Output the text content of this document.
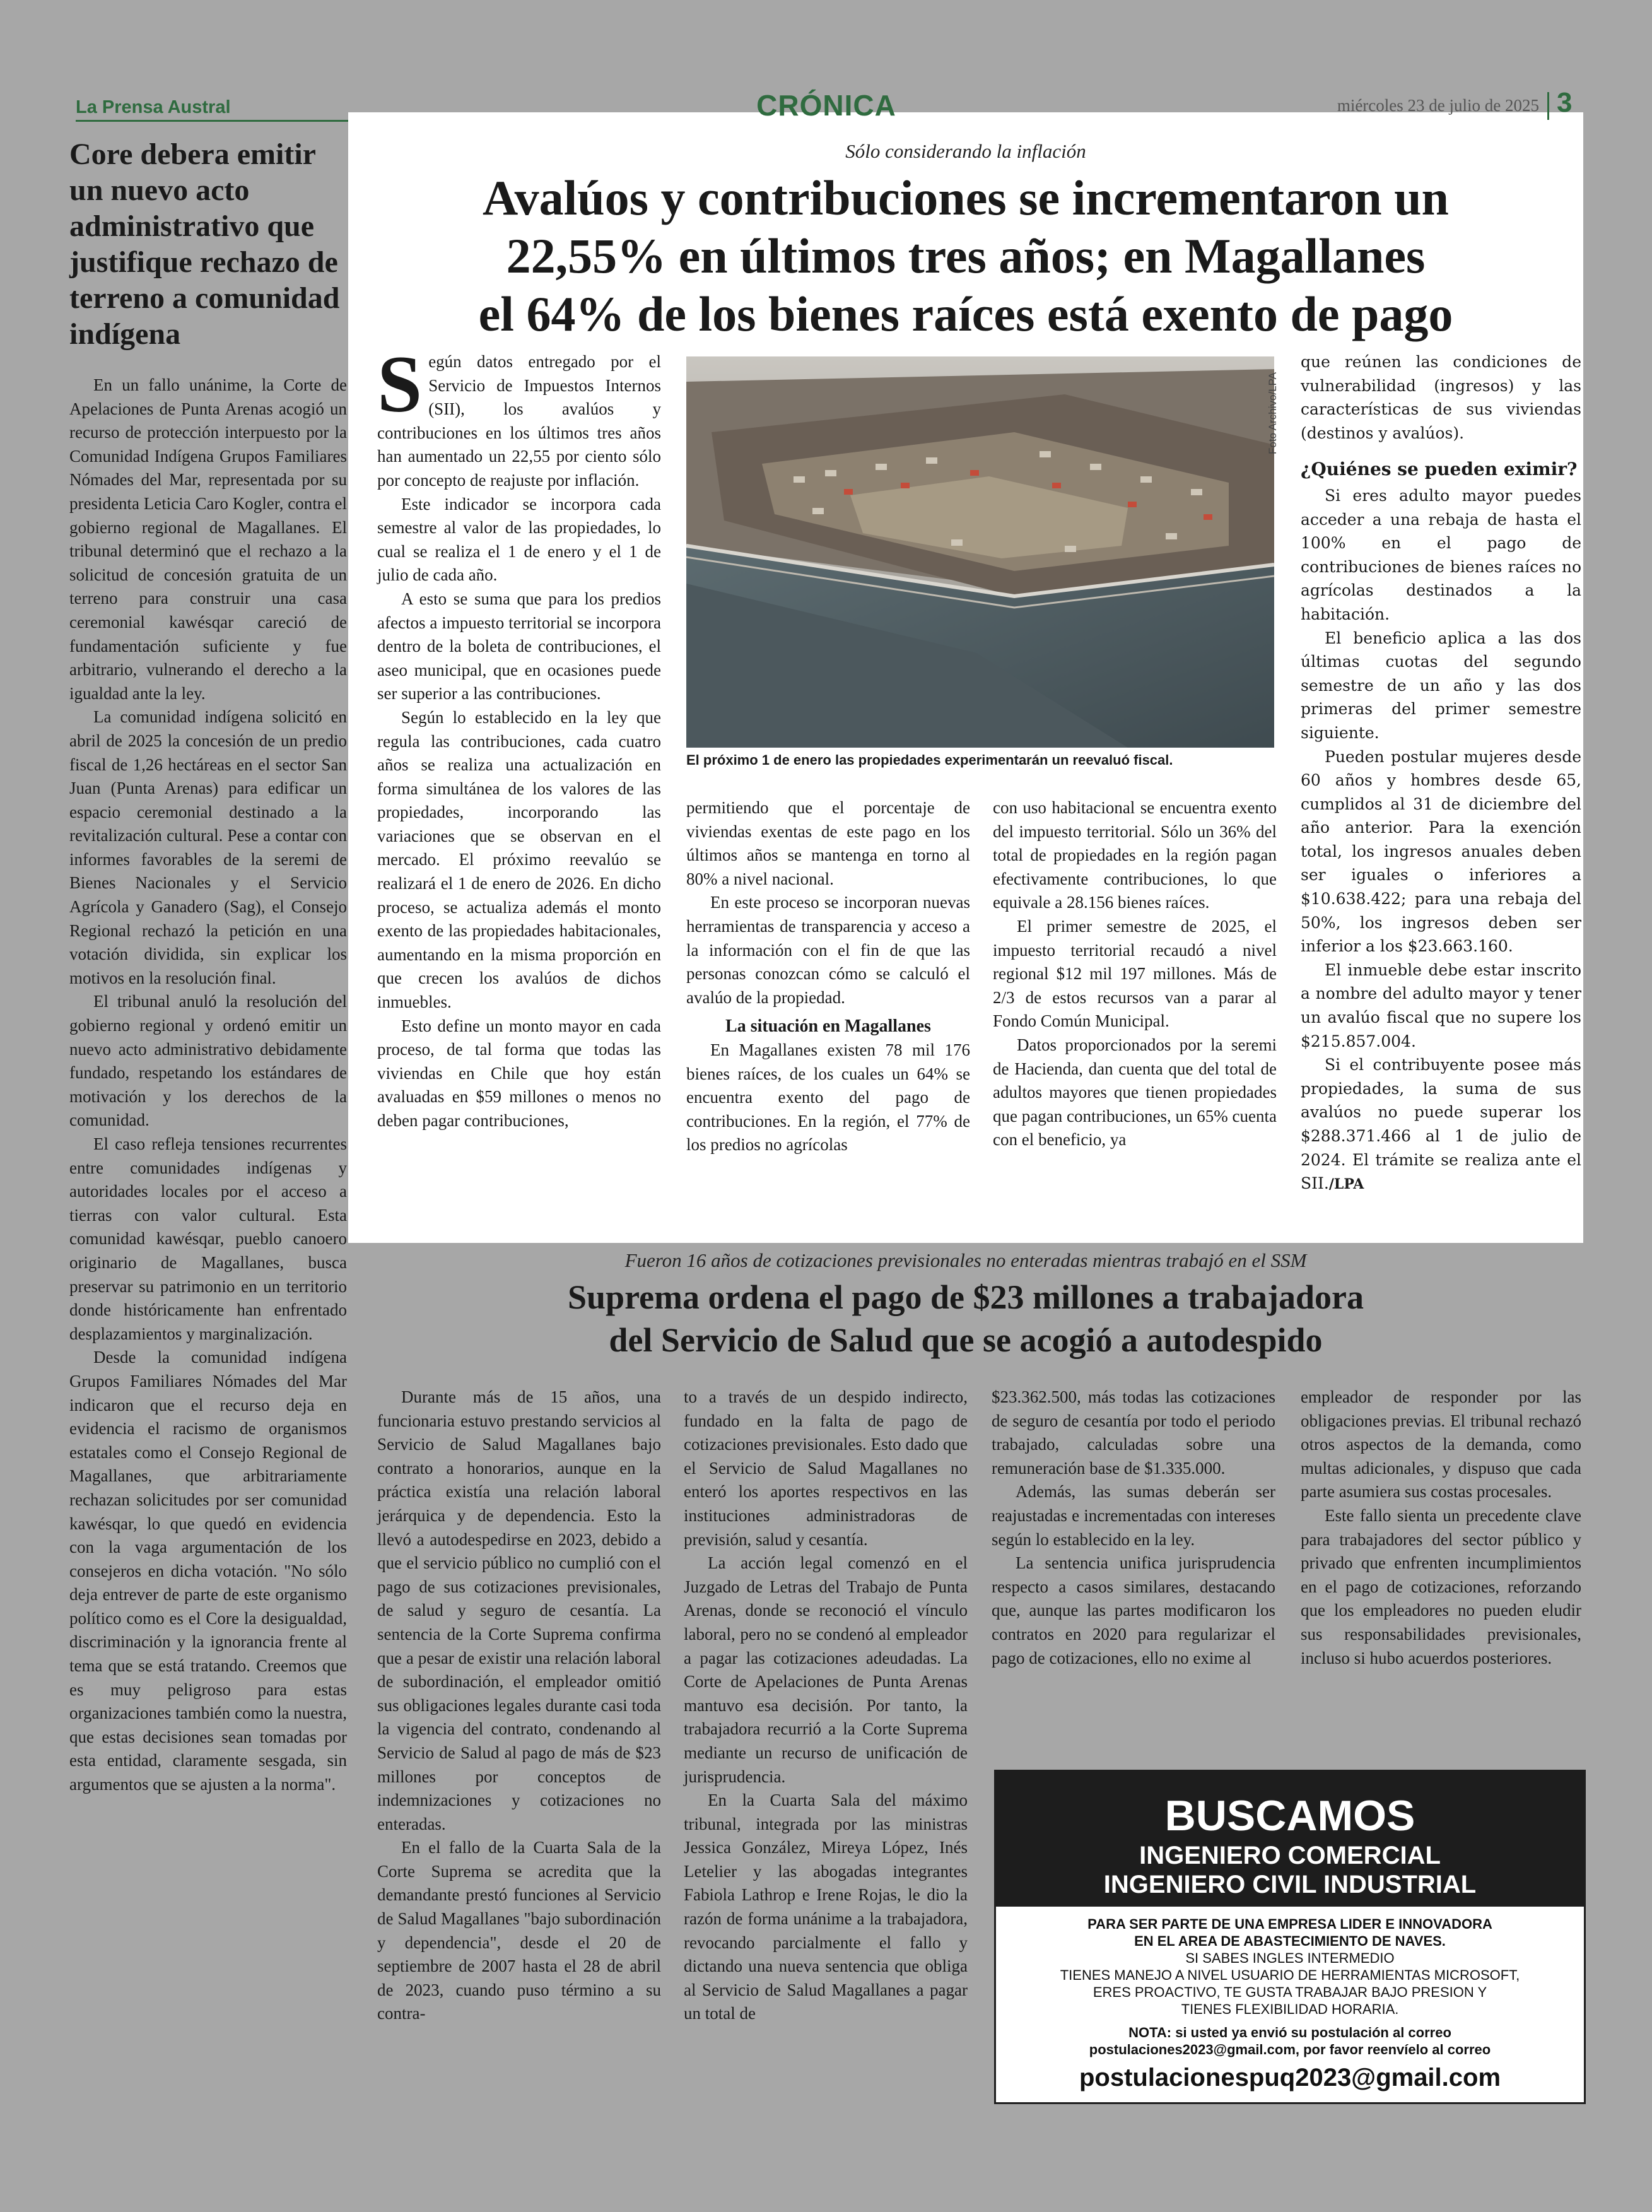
La Prensa Austral	CRÓNICA	miércoles 23 de julio de 2025 3
Core debera emitir un nuevo acto administrativo que justifique rechazo de terreno a comunidad indígena

En un fallo unánime, la Corte de Apelaciones de Punta Arenas acogió un recurso de protección interpuesto por la Comunidad Indígena Grupos Familiares Nómades del Mar, representada por su presidenta Leticia Caro Kogler, contra el gobierno regional de Magallanes. El tribunal determinó que el rechazo a la solicitud de concesión gratuita de un terreno para construir una casa ceremonial kawésqar careció de fundamentación suficiente y fue arbitrario, vulnerando el derecho a la igualdad ante la ley.

La comunidad indígena solicitó en abril de 2025 la concesión de un predio fiscal de 1,26 hectáreas en el sector San Juan (Punta Arenas) para edificar un espacio ceremonial destinado a la revitalización cultural. Pese a contar con informes favorables de la seremi de Bienes Nacionales y el Servicio Agrícola y Ganadero (Sag), el Consejo Regional rechazó la petición en una votación dividida, sin explicar los motivos en la resolución final.

El tribunal anuló la resolución del gobierno regional y ordenó emitir un nuevo acto administrativo debidamente fundado, respetando los estándares de motivación y los derechos de la comunidad.

El caso refleja tensiones recurrentes entre comunidades indígenas y autoridades locales por el acceso a tierras con valor cultural. Esta comunidad kawésqar, pueblo canoero originario de Magallanes, busca preservar su patrimonio en un territorio donde históricamente han enfrentado desplazamientos y marginalización.

Desde la comunidad indígena Grupos Familiares Nómades del Mar indicaron que el recurso deja en evidencia el racismo de organismos estatales como el Consejo Regional de Magallanes, que arbitrariamente rechazan solicitudes por ser comunidad kawésqar, lo que quedó en evidencia con la vaga argumentación de los consejeros en dicha votación. "No sólo deja entrever de parte de este organismo político como es el Core la desigualdad, discriminación y la ignorancia frente al tema que se está tratando. Creemos que es muy peligroso para estas organizaciones también como la nuestra, que estas decisiones sean tomadas por esta entidad, claramente sesgada, sin argumentos que se ajusten a la norma".

Sólo considerando la inflación
Avalúos y contribuciones se incrementaron un
22,55% en últimos tres años; en Magallanes
el 64% de los bienes raíces está exento de pago

Según datos entregado por el Servicio de Impuestos Internos (SII), los avalúos y contribuciones en los últimos tres años han aumentado un 22,55 por ciento sólo por concepto de reajuste por inflación.

Este indicador se incorpora cada semestre al valor de las propiedades, lo cual se realiza el 1 de enero y el 1 de julio de cada año.

A esto se suma que para los predios afectos a impuesto territorial se incorpora dentro de la boleta de contribuciones, el aseo municipal, que en ocasiones puede ser superior a las contribuciones.

Según lo establecido en la ley que regula las contribuciones, cada cuatro años se realiza una actualización en forma simultánea de los valores de las propiedades, incorporando las variaciones que se observan en el mercado. El próximo reevalúo se realizará el 1 de enero de 2026. En dicho proceso, se actualiza además el monto exento de las propiedades habitacionales, aumentando en la misma proporción en que crecen los avalúos de dichos inmuebles.

Esto define un monto mayor en cada proceso, de tal forma que todas las viviendas en Chile que hoy están avaluadas en $59 millones o menos no deben pagar contribuciones,

Foto Archivo/LPA
El próximo 1 de enero las propiedades experimentarán un reevaluó fiscal.

permitiendo que el porcentaje de viviendas exentas de este pago en los últimos años se mantenga en torno al 80% a nivel nacional.

En este proceso se incorporan nuevas herramientas de transparencia y acceso a la información con el fin de que las personas conozcan cómo se calculó el avalúo de la propiedad.

La situación en Magallanes

En Magallanes existen 78 mil 176 bienes raíces, de los cuales un 64% se encuentra exento del pago de contribuciones. En la región, el 77% de los predios no agrícolas

con uso habitacional se encuentra exento del impuesto territorial. Sólo un 36% del total de propiedades en la región pagan efectivamente contribuciones, lo que equivale a 28.156 bienes raíces.

El primer semestre de 2025, el impuesto territorial recaudó a nivel regional $12 mil 197 millones. Más de 2/3 de estos recursos van a parar al Fondo Común Municipal.

Datos proporcionados por la seremi de Hacienda, dan cuenta que del total de adultos mayores que tienen propiedades que pagan contribuciones, un 65% cuenta con el beneficio, ya

que reúnen las condiciones de vulnerabilidad (ingresos) y las características de sus viviendas (destinos y avalúos).

¿Quiénes se pueden eximir?

Si eres adulto mayor puedes acceder a una rebaja de hasta el 100% en el pago de contribuciones de bienes raíces no agrícolas destinados a la habitación.

El beneficio aplica a las dos últimas cuotas del segundo semestre de un año y las dos primeras del primer semestre siguiente.

Pueden postular mujeres desde 60 años y hombres desde 65, cumplidos al 31 de diciembre del año anterior. Para la exención total, los ingresos anuales deben ser iguales o inferiores a $10.638.422; para una rebaja del 50%, los ingresos deben ser inferior a los $23.663.160.

El inmueble debe estar inscrito a nombre del adulto mayor y tener un avalúo fiscal que no supere los $215.857.004.

Si el contribuyente posee más propiedades, la suma de sus avalúos no puede superar los $288.371.466 al 1 de julio de 2024. El trámite se realiza ante el SII./LPA

Fueron 16 años de cotizaciones previsionales no enteradas mientras trabajó en el SSM
Suprema ordena el pago de $23 millones a trabajadora
del Servicio de Salud que se acogió a autodespido

Durante más de 15 años, una funcionaria estuvo prestando servicios al Servicio de Salud Magallanes bajo contrato a honorarios, aunque en la práctica existía una relación laboral jerárquica y de dependencia. Esto la llevó a autodespedirse en 2023, debido a que el servicio público no cumplió con el pago de sus cotizaciones previsionales, de salud y seguro de cesantía. La sentencia de la Corte Suprema confirma que a pesar de existir una relación laboral de subordinación, el empleador omitió sus obligaciones legales durante casi toda la vigencia del contrato, condenando al Servicio de Salud al pago de más de $23 millones por conceptos de indemnizaciones y cotizaciones no enteradas.

En el fallo de la Cuarta Sala de la Corte Suprema se acredita que la demandante prestó funciones al Servicio de Salud Magallanes "bajo subordinación y dependencia", desde el 20 de septiembre de 2007 hasta el 28 de abril de 2023, cuando puso término a su contra-

to a través de un despido indirecto, fundado en la falta de pago de cotizaciones previsionales. Esto dado que el Servicio de Salud Magallanes no enteró los aportes respectivos en las instituciones administradoras de previsión, salud y cesantía.

La acción legal comenzó en el Juzgado de Letras del Trabajo de Punta Arenas, donde se reconoció el vínculo laboral, pero no se condenó al empleador a pagar las cotizaciones adeudadas. La Corte de Apelaciones de Punta Arenas mantuvo esa decisión. Por tanto, la trabajadora recurrió a la Corte Suprema mediante un recurso de unificación de jurisprudencia.

En la Cuarta Sala del máximo tribunal, integrada por las ministras Jessica González, Mireya López, Inés Letelier y las abogadas integrantes Fabiola Lathrop e Irene Rojas, le dio la razón de forma unánime a la trabajadora, revocando parcialmente el fallo y dictando una nueva sentencia que obliga al Servicio de Salud Magallanes a pagar un total de

$23.362.500, más todas las cotizaciones de seguro de cesantía por todo el periodo trabajado, calculadas sobre una remuneración base de $1.335.000.

Además, las sumas deberán ser reajustadas e incrementadas con intereses según lo establecido en la ley.

La sentencia unifica jurisprudencia respecto a casos similares, destacando que, aunque las partes modificaron los contratos en 2020 para regularizar el pago de cotizaciones, ello no exime al

empleador de responder por las obligaciones previas. El tribunal rechazó otros aspectos de la demanda, como multas adicionales, y dispuso que cada parte asumiera sus costas procesales.

Este fallo sienta un precedente clave para trabajadores del sector público y privado que enfrenten incumplimientos en el pago de cotizaciones, reforzando que los empleadores no pueden eludir sus responsabilidades previsionales, incluso si hubo acuerdos posteriores.

BUSCAMOS
INGENIERO COMERCIAL
INGENIERO CIVIL INDUSTRIAL
PARA SER PARTE DE UNA EMPRESA LIDER E INNOVADORA
EN EL AREA DE ABASTECIMIENTO DE NAVES.
SI SABES INGLES INTERMEDIO
TIENES MANEJO A NIVEL USUARIO DE HERRAMIENTAS MICROSOFT,
ERES PROACTIVO, TE GUSTA TRABAJAR BAJO PRESION Y
TIENES FLEXIBILIDAD HORARIA.
NOTA: si usted ya envió su postulación al correo
postulaciones2023@gmail.com, por favor reenvíelo al correo
postulacionespuq2023@gmail.com
